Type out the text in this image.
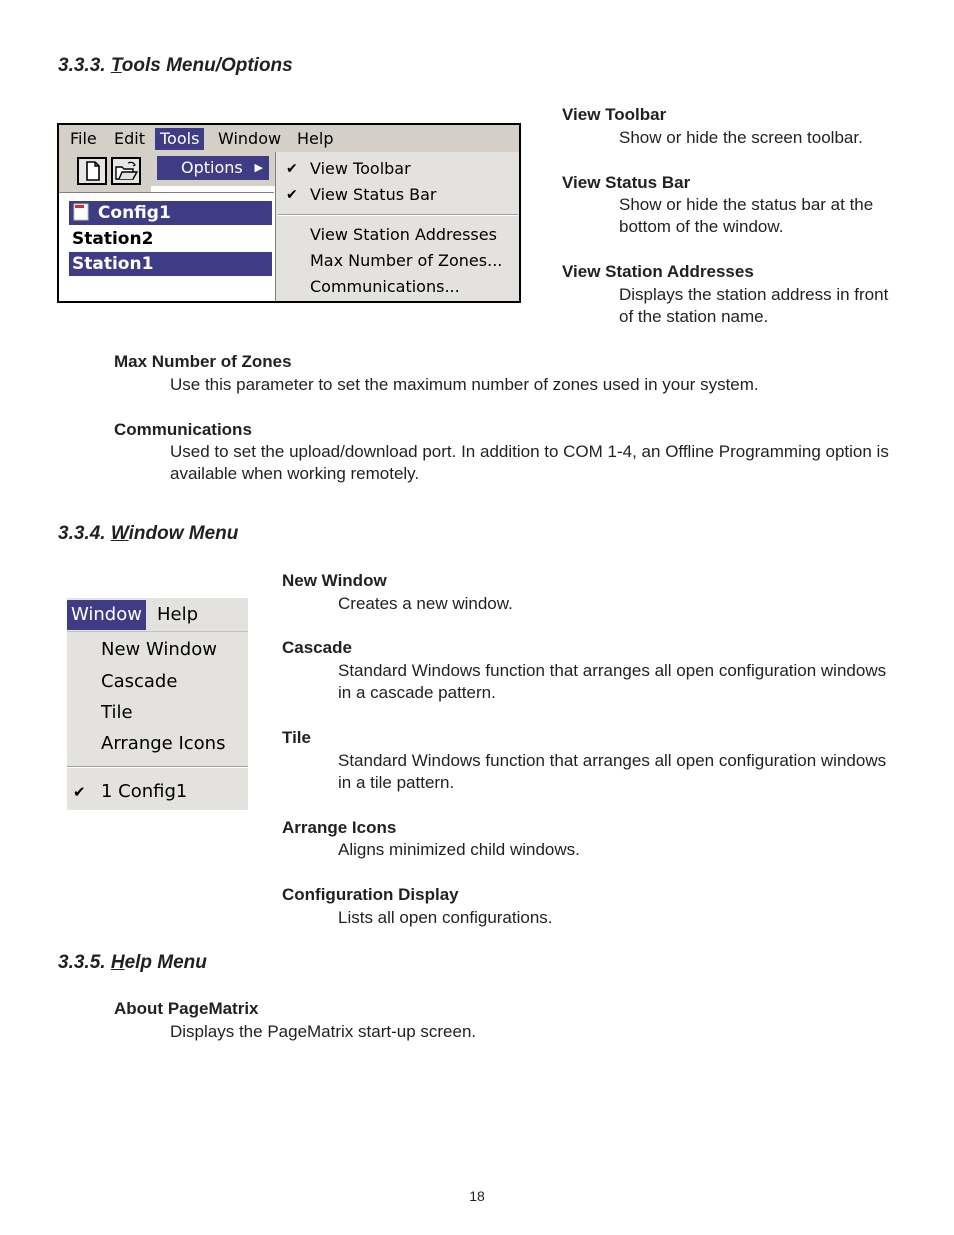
3.3.3. Tools Menu/Options
File	Edit Tools	Window Help
Options ▶
Config1
Station2
Station1
✔ View Toolbar
✔ View Status Bar
View Station Addresses
Max Number of Zones...
Communications...
View Toolbar
Show or hide the screen toolbar.
View Status Bar
Show or hide the status bar at the bottom of the window.
View Station Addresses
Displays the station address in front of the station name.
Max Number of Zones
Use this parameter to set the maximum number of zones used in your system.
Communications
Used to set the upload/download port. In addition to COM 1-4, an Offline Programming option is available when working remotely.
3.3.4. Window Menu
Window Help
New Window
Cascade
Tile
Arrange Icons
✔ 1 Config1
New Window
Creates a new window.
Cascade
Standard Windows function that arranges all open configuration windows in a cascade pattern.
Tile
Standard Windows function that arranges all open configuration windows in a tile pattern.
Arrange Icons
Aligns minimized child windows.
Configuration Display
Lists all open configurations.
3.3.5. Help Menu
About PageMatrix
Displays the PageMatrix start-up screen.
18
